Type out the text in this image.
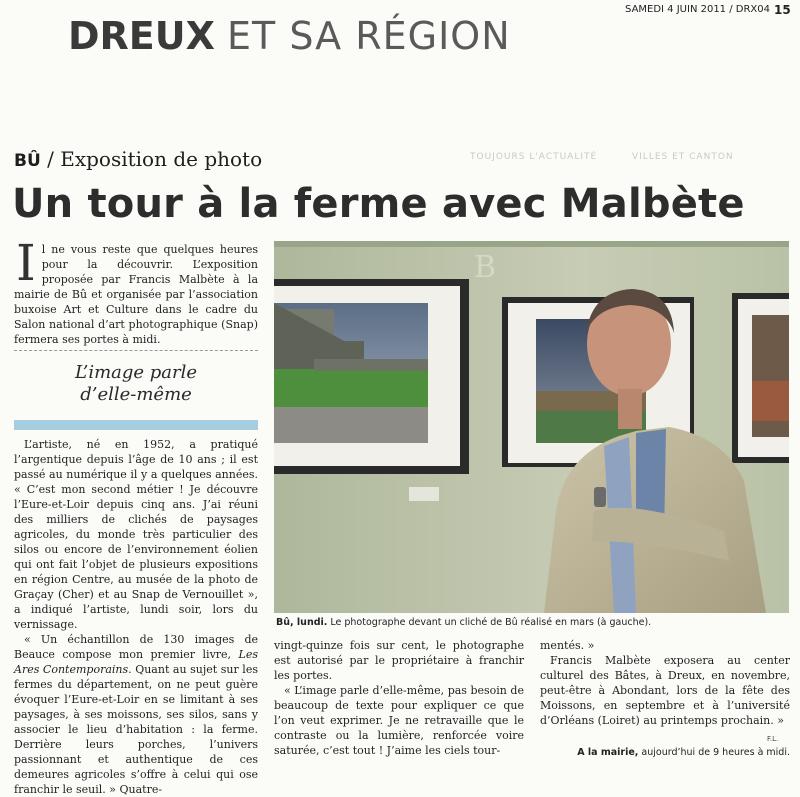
DREUX ET SA RÉGION
SAMEDI 4 JUIN 2011 / DRX04 15
TOUJOURS L'ACTUALITÉ	VILLES ET CANTON
BÛ / Exposition de photo
Un tour à la ferme avec Malbète
Il ne vous reste que quelques heures pour la découvrir. L’exposition proposée par Francis Malbète à la mairie de Bû et organisée par l’association buxoise Art et Culture dans le cadre du Salon national d’art photographique (Snap) fermera ses portes à midi.
L’image parle
d’elle-même

L’artiste, né en 1952, a pratiqué l’argentique depuis l’âge de 10 ans ; il est passé au numérique il y a quelques années. « C’est mon second métier ! Je découvre l’Eure-et-Loir depuis cinq ans. J’ai réuni des milliers de clichés de paysages agricoles, du monde très particulier des silos ou encore de l’environnement éolien qui ont fait l’objet de plusieurs expositions en région Centre, au musée de la photo de Graçay (Cher) et au Snap de Vernouillet », a indiqué l’artiste, lundi soir, lors du vernissage.

« Un échantillon de 130 images de Beauce compose mon premier livre, Les Ares Contemporains. Quant au sujet sur les fermes du département, on ne peut guère évoquer l’Eure-et-Loir en se limitant à ses paysages, à ses moissons, ses silos, sans y associer le lieu d’habitation : la ferme. Derrière leurs porches, l’univers passionnant et authentique de ces demeures agricoles s’offre à celui qui ose franchir le seuil. » Quatre-

B
Bû, lundi. Le photographe devant un cliché de Bû réalisé en mars (à gauche).

vingt-quinze fois sur cent, le photographe est autorisé par le propriétaire à franchir les portes.

« L’image parle d’elle-même, pas besoin de beaucoup de texte pour expliquer ce que l’on veut exprimer. Je ne retravaille que le contraste ou la lumière, renforcée voire saturée, c’est tout ! J’aime les ciels tour-

mentés. »

Francis Malbète exposera au center culturel des Bâtes, à Dreux, en novembre, peut-être à Abondant, lors de la fête des Moissons, en septembre et à l’université d’Orléans (Loiret) au printemps prochain. »

F.L.
A la mairie, aujourd’hui de 9 heures à midi.
